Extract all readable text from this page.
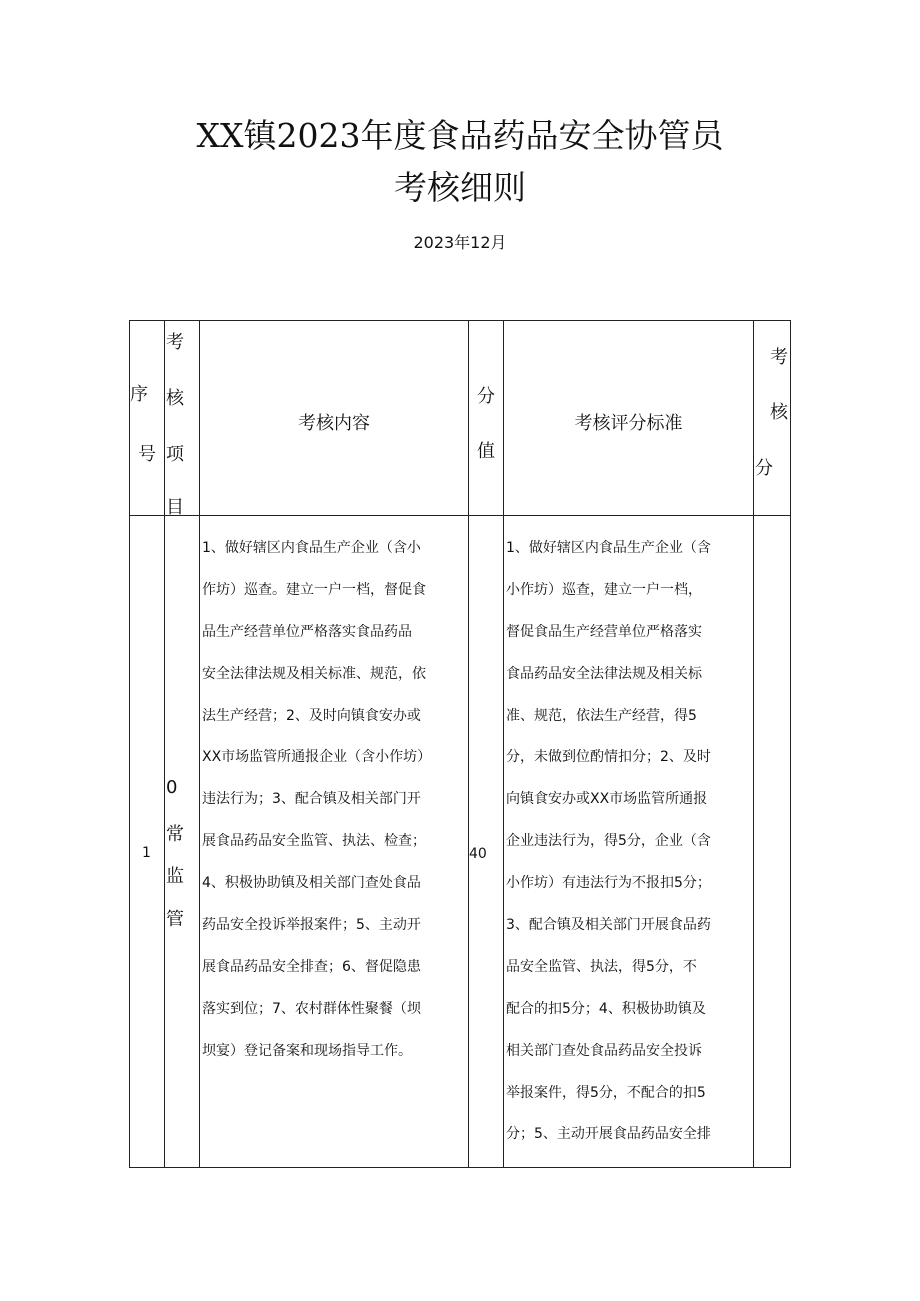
XX镇2023年度食品药品安全协管员
考核细则
2023年12月
序
号
考
核
项
目
考核内容
分
值
考核评分标准
考
核
分
1
0
常
监
管
1、做好辖区内食品生产企业（含小
作坊）巡查。建立一户一档，督促食
品生产经营单位严格落实食品药品
安全法律法规及相关标准、规范，依
法生产经营；2、及时向镇食安办或
XX市场监管所通报企业（含小作坊）
违法行为；3、配合镇及相关部门开
展食品药品安全监管、执法、检查；
4、积极协助镇及相关部门查处食品
药品安全投诉举报案件；5、主动开
展食品药品安全排查；6、督促隐患
落实到位；7、农村群体性聚餐（坝
坝宴）登记备案和现场指导工作。
40
1、做好辖区内食品生产企业（含
小作坊）巡查，建立一户一档，
督促食品生产经营单位严格落实
食品药品安全法律法规及相关标
准、规范，依法生产经营，得5
分，未做到位酌情扣分；2、及时
向镇食安办或XX市场监管所通报
企业违法行为，得5分，企业（含
小作坊）有违法行为不报扣5分；
3、配合镇及相关部门开展食品药
品安全监管、执法，得5分，不
配合的扣5分；4、积极协助镇及
相关部门查处食品药品安全投诉
举报案件，得5分，不配合的扣5
分；5、主动开展食品药品安全排
